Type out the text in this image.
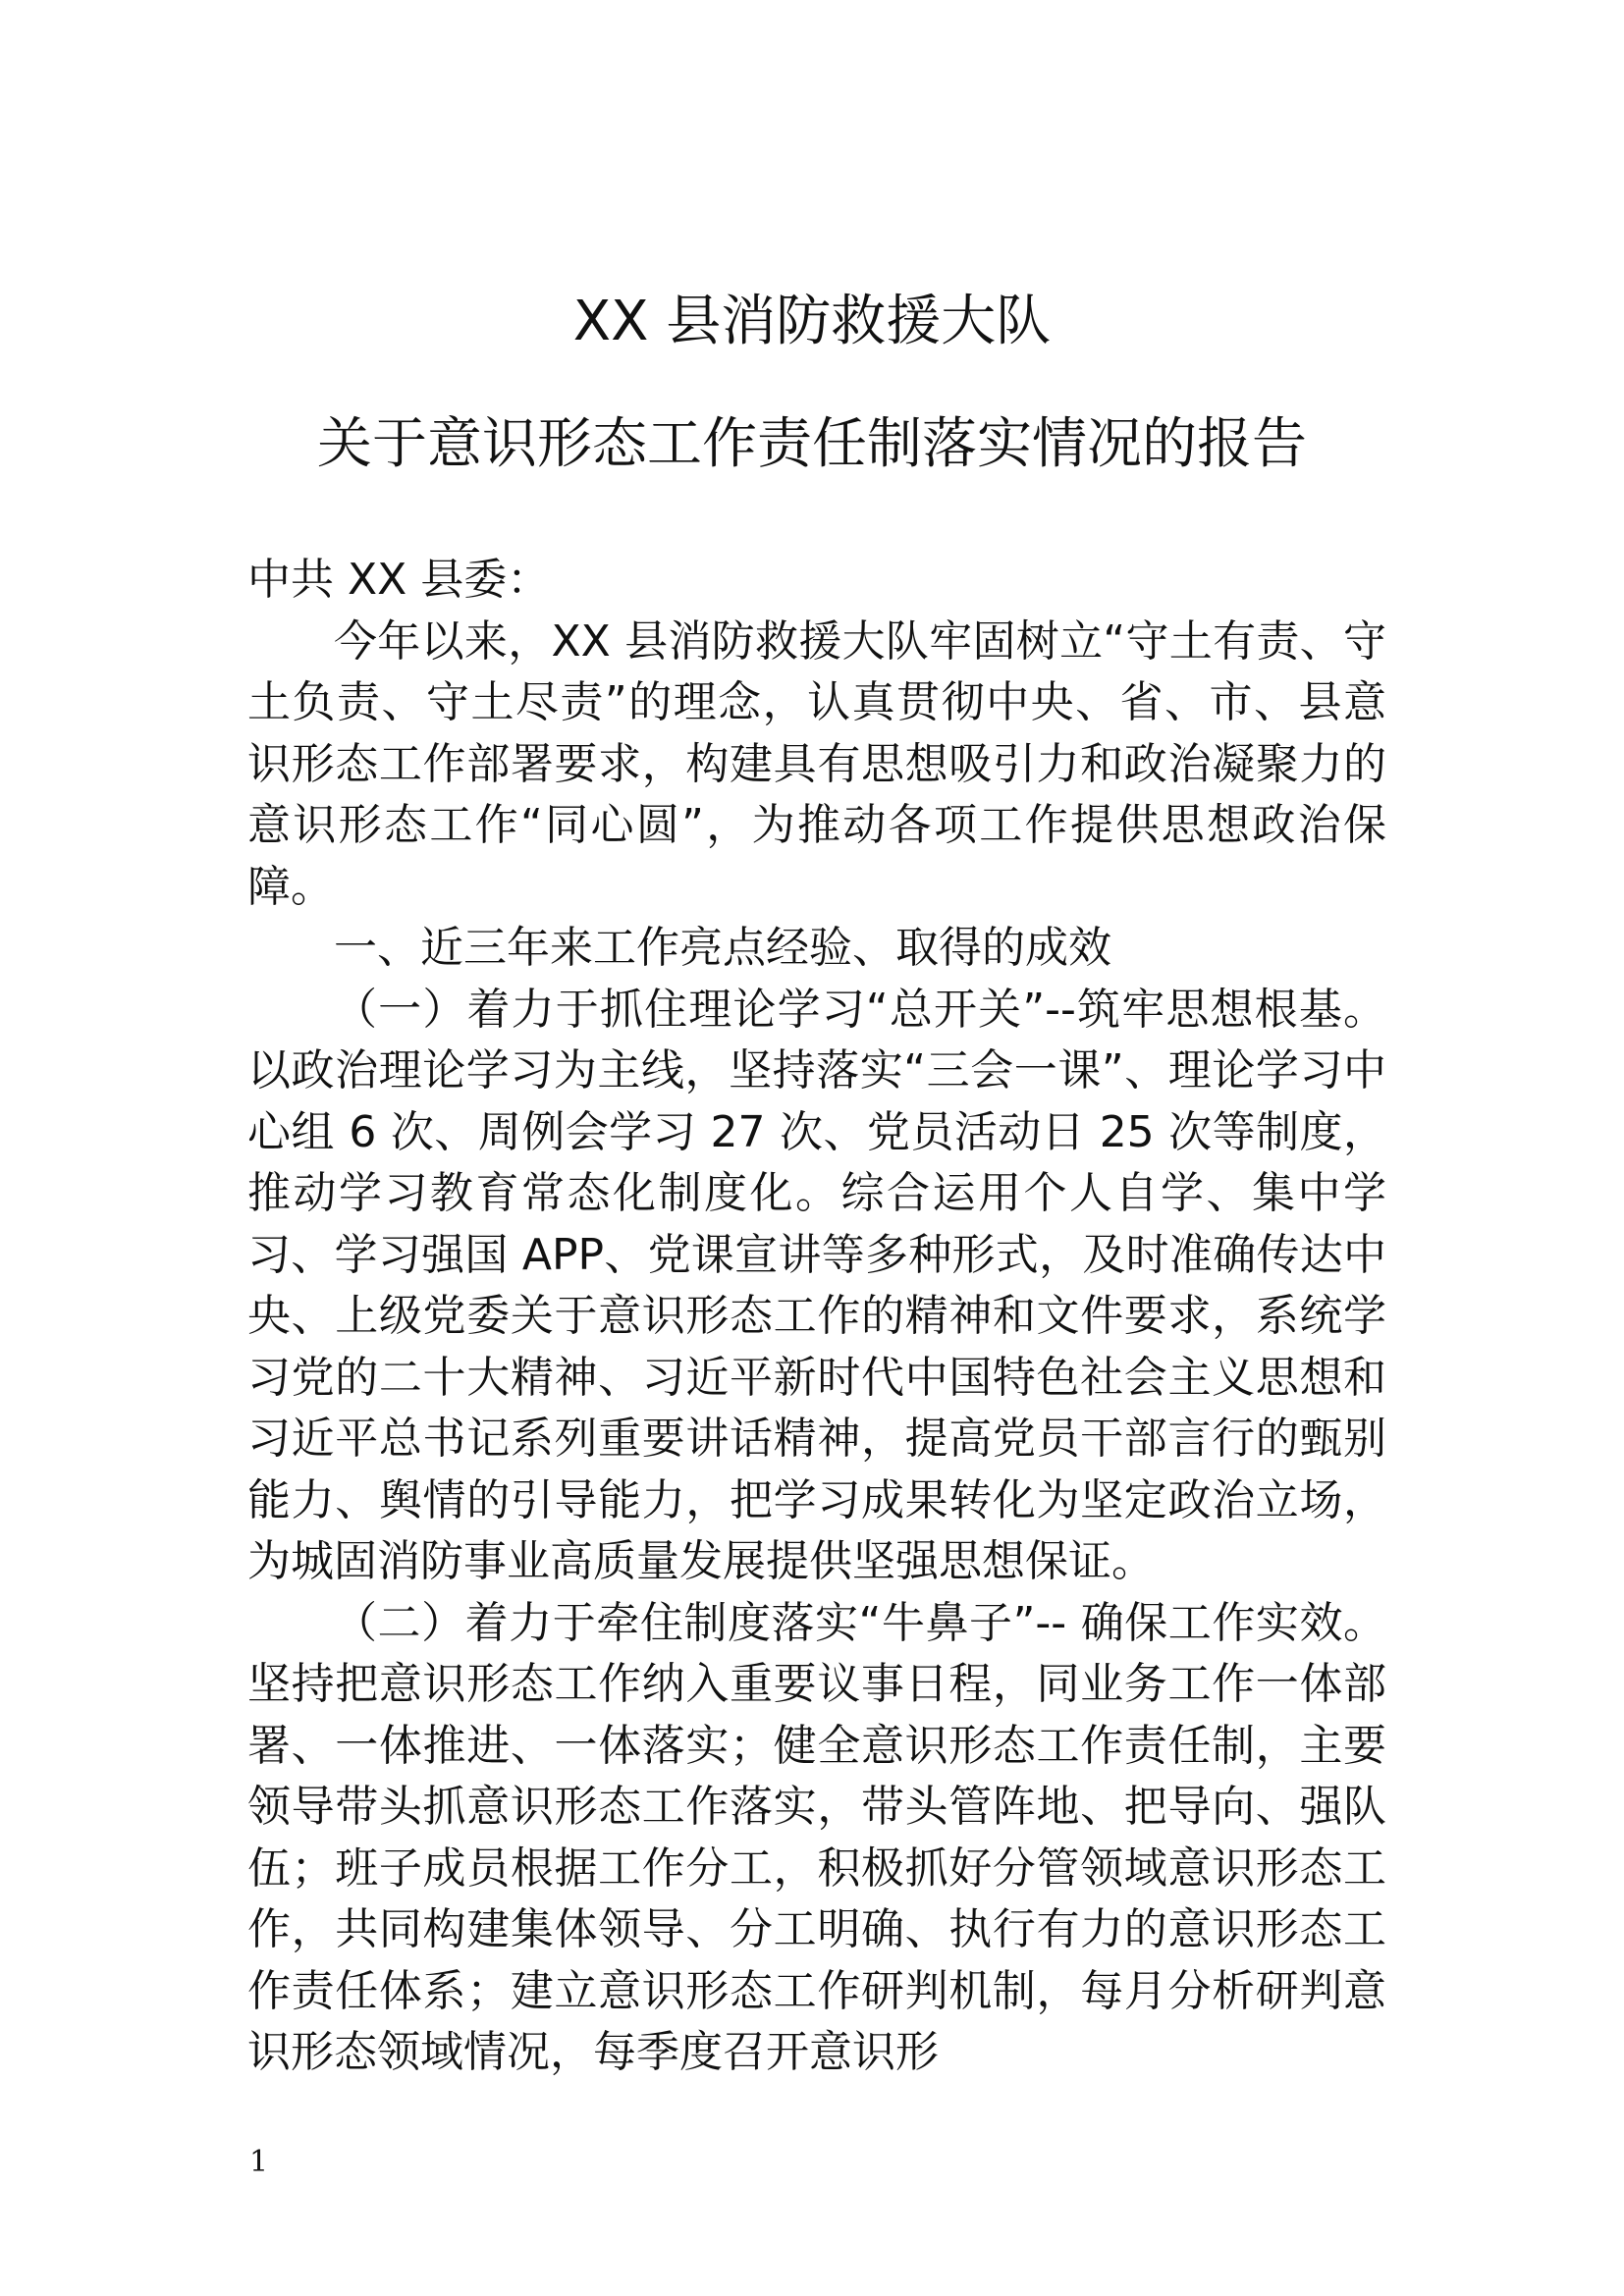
XX 县消防救援大队
关于意识形态工作责任制落实情况的报告

中共 XX 县委：

今年以来，XX 县消防救援大队牢固树立“守土有责、守土负责、守土尽责”的理念，认真贯彻中央、省、市、县意识形态工作部署要求，构建具有思想吸引力和政治凝聚力的意识形态工作“同心圆”，为推动各项工作提供思想政治保障。

一、近三年来工作亮点经验、取得的成效

（一）着力于抓住理论学习“总开关”--筑牢思想根基。以政治理论学习为主线，坚持落实“三会一课”、理论学习中心组 6 次、周例会学习 27 次、党员活动日 25 次等制度，推动学习教育常态化制度化。综合运用个人自学、集中学习、学习强国 APP、党课宣讲等多种形式，及时准确传达中央、上级党委关于意识形态工作的精神和文件要求，系统学习党的二十大精神、习近平新时代中国特色社会主义思想和习近平总书记系列重要讲话精神，提高党员干部言行的甄别能力、舆情的引导能力，把学习成果转化为坚定政治立场，为城固消防事业高质量发展提供坚强思想保证。

（二）着力于牵住制度落实“牛鼻子”-- 确保工作实效。坚持把意识形态工作纳入重要议事日程，同业务工作一体部署、一体推进、一体落实；健全意识形态工作责任制，主要领导带头抓意识形态工作落实，带头管阵地、把导向、强队伍；班子成员根据工作分工，积极抓好分管领域意识形态工作，共同构建集体领导、分工明确、执行有力的意识形态工作责任体系；建立意识形态工作研判机制，每月分析研判意识形态领域情况，每季度召开意识形

1
